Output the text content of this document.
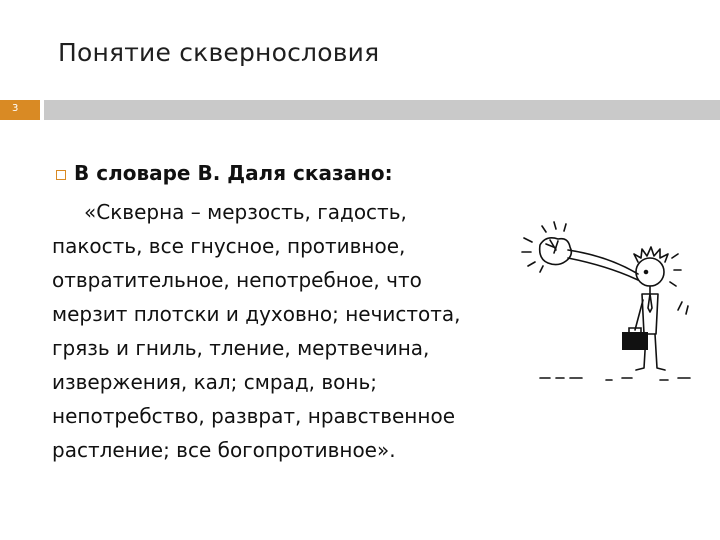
Понятие сквернословия
3
В словаре В. Даля сказано:
«Скверна – мерзость, гадость,
пакость, все гнусное, противное,
отвратительное, непотребное, что
мерзит плотски и духовно; нечистота,
грязь и гниль, тление, мертвечина,
извержения, кал; смрад, вонь;
непотребство, разврат, нравственное
растление; все богопротивное».
